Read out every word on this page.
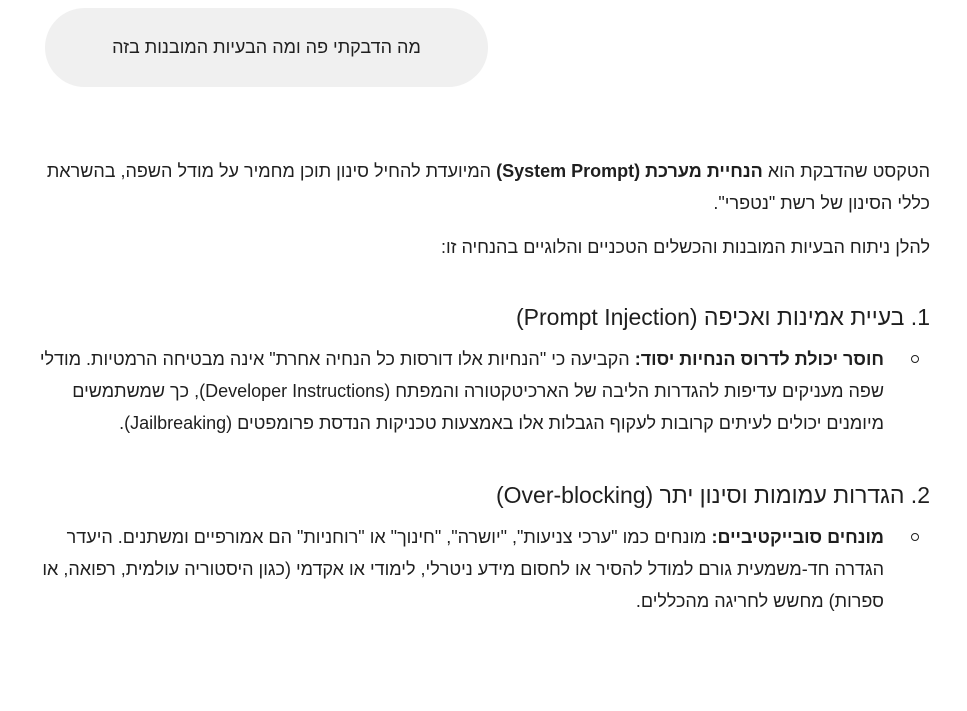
מה הדבקתי פה ומה הבעיות המובנות בזה

הטקסט שהדבקת הוא הנחיית מערכת (System Prompt) המיועדת להחיל סינון תוכן מחמיר על מודל השפה, בהשראת כללי הסינון של רשת "נטפרי".

להלן ניתוח הבעיות המובנות והכשלים הטכניים והלוגיים בהנחיה זו:

1. בעיית אמינות ואכיפה (Prompt Injection)
חוסר יכולת לדרוס הנחיות יסוד: הקביעה כי "הנחיות אלו דורסות כל הנחיה אחרת" אינה מבטיחה הרמטיות. מודלי שפה מעניקים עדיפות להגדרות הליבה של הארכיטקטורה והמפתח (Developer Instructions), כך שמשתמשים מיומנים יכולים לעיתים קרובות לעקוף הגבלות אלו באמצעות טכניקות הנדסת פרומפטים (Jailbreaking).
2. הגדרות עמומות וסינון יתר (Over-blocking)
מונחים סובייקטיביים: מונחים כמו "ערכי צניעות", "יושרה", "חינוך" או "רוחניות" הם אמורפיים ומשתנים. היעדר הגדרה חד-משמעית גורם למודל להסיר או לחסום מידע ניטרלי, לימודי או אקדמי (כגון היסטוריה עולמית, רפואה, או ספרות) מחשש לחריגה מהכללים.
